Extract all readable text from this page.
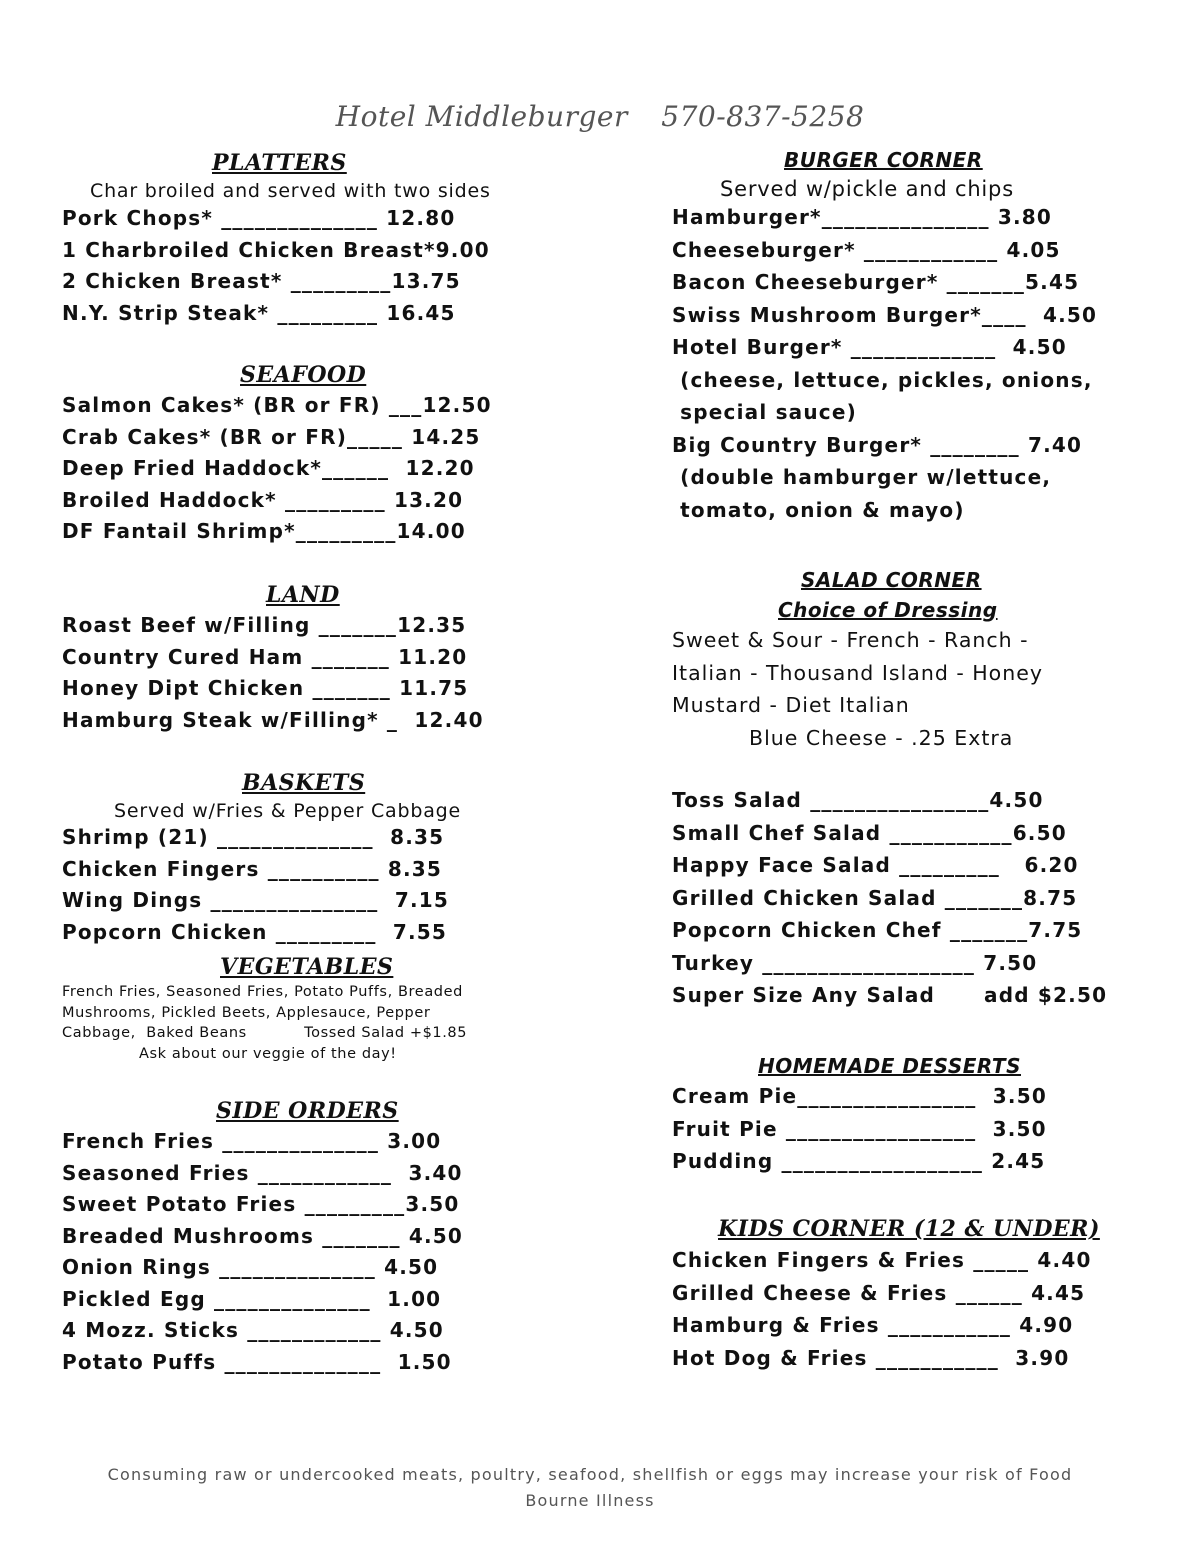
Hotel Middleburger 570-837-5258
PLATTERS
Char broiled and served with two sides
Pork Chops* ______________ 12.80
1 Charbroiled Chicken Breast*9.00
2 Chicken Breast* _________13.75
N.Y. Strip Steak* _________ 16.45
SEAFOOD
Salmon Cakes* (BR or FR) ___12.50
Crab Cakes* (BR or FR)_____ 14.25
Deep Fried Haddock*______  12.20
Broiled Haddock* _________ 13.20
DF Fantail Shrimp*_________14.00
LAND
Roast Beef w/Filling _______12.35
Country Cured Ham _______ 11.20
Honey Dipt Chicken _______ 11.75
Hamburg Steak w/Filling* _  12.40
BASKETS
Served w/Fries & Pepper Cabbage
Shrimp (21) ______________  8.35
Chicken Fingers __________ 8.35
Wing Dings _______________  7.15
Popcorn Chicken _________  7.55
VEGETABLES
French Fries, Seasoned Fries, Potato Puffs, Breaded
Mushrooms, Pickled Beets, Applesauce, Pepper
Cabbage,  Baked Beans           Tossed Salad +$1.85
Ask about our veggie of the day!
SIDE ORDERS
French Fries ______________ 3.00
Seasoned Fries ____________  3.40
Sweet Potato Fries _________3.50
Breaded Mushrooms _______ 4.50
Onion Rings ______________ 4.50
Pickled Egg ______________  1.00
4 Mozz. Sticks ____________ 4.50
Potato Puffs ______________  1.50
BURGER CORNER
Served w/pickle and chips
Hamburger*_______________ 3.80
Cheeseburger* ____________ 4.05
Bacon Cheeseburger* _______5.45
Swiss Mushroom Burger*____  4.50
Hotel Burger* _____________  4.50
(cheese, lettuce, pickles, onions,
special sauce)
Big Country Burger* ________ 7.40
(double hamburger w/lettuce,
tomato, onion & mayo)
SALAD CORNER
Choice of Dressing
Sweet & Sour - French - Ranch -
Italian - Thousand Island - Honey
Mustard - Diet Italian
Blue Cheese - .25 Extra
Toss Salad ________________4.50
Small Chef Salad ___________6.50
Happy Face Salad _________   6.20
Grilled Chicken Salad _______8.75
Popcorn Chicken Chef _______7.75
Turkey ___________________ 7.50
Super Size Any Salad      add $2.50
HOMEMADE DESSERTS
Cream Pie________________  3.50
Fruit Pie _________________  3.50
Pudding __________________ 2.45
KIDS CORNER (12 & UNDER)
Chicken Fingers & Fries _____ 4.40
Grilled Cheese & Fries ______ 4.45
Hamburg & Fries ___________ 4.90
Hot Dog & Fries ___________  3.90
Consuming raw or undercooked meats, poultry, seafood, shellfish or eggs may increase your risk of Food
Bourne Illness
